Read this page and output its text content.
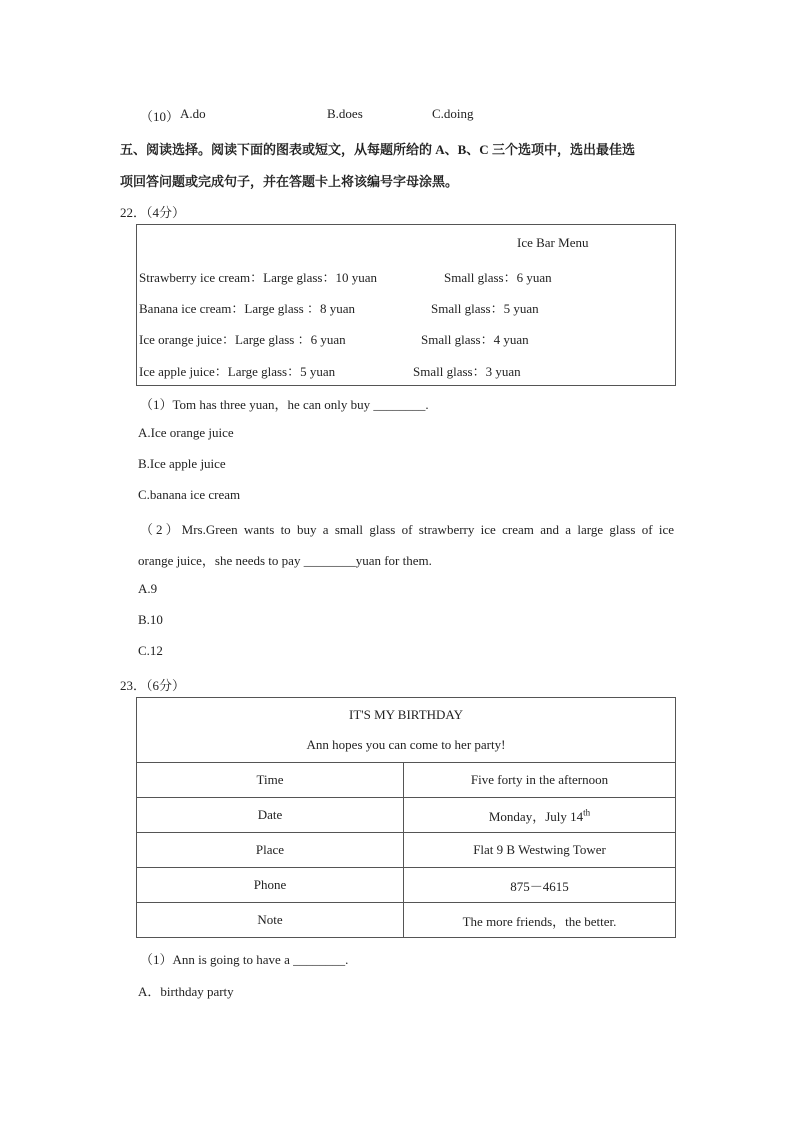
（10） A.do	B.does	C.doing
五、阅读选择。阅读下面的图表或短文，从每题所给的 A、B、C 三个选项中，选出最佳选
项回答问题或完成句子，并在答题卡上将该编号字母涂黑。
22．（4分）
Ice Bar Menu
Strawberry ice cream：Large glass：10 yuan	Small glass：6 yuan
Banana ice cream：Large glass ：8 yuan	Small glass：5 yuan
Ice orange juice：Large glass ：6 yuan	Small glass：4 yuan
Ice apple juice：Large glass：5 yuan	Small glass：3 yuan
（1）Tom has three yuan，he can only buy ________.
A.Ice orange juice
B.Ice apple juice
C.banana ice cream
（2）Mrs.Green wants to buy a small glass of strawberry ice cream and a large glass of ice
orange juice，she needs to pay ________yuan for them.
A.9
B.10
C.12
23．（6分）
IT'S MY BIRTHDAY
Ann hopes you can come to her party!	

Time	Five forty in the afternoon
Date	Monday，July 14th
Place	Flat 9 B Westwing Tower
Phone	875－4615
Note	The more friends，the better.
（1）Ann is going to have a ________.
A．birthday party
